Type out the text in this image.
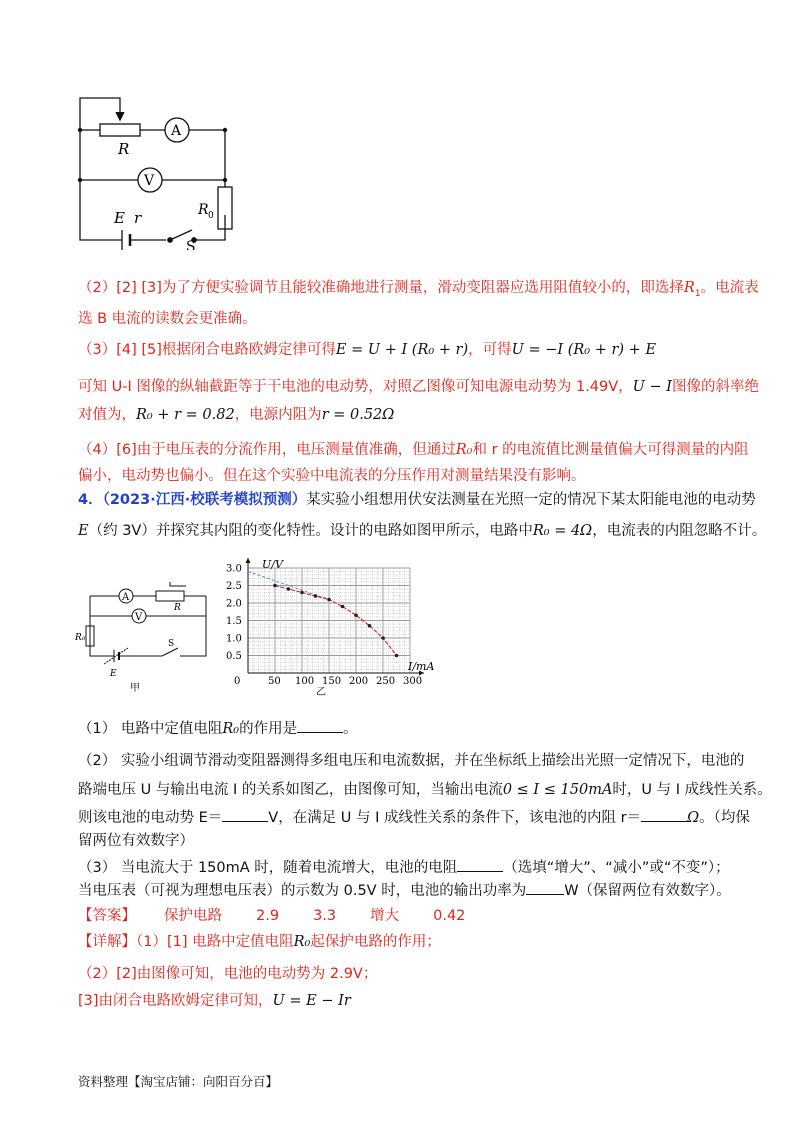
R
A
V
R 0
E r
S
（2）[2] [3]为了方便实验调节且能较准确地进行测量，滑动变阻器应选用阻值较小的，即选择$R_1$。电流表
选 B 电流的读数会更准确。
（3）[4] [5]根据闭合电路欧姆定律可得E = U + I (R₀ + r)，可得U = −I (R₀ + r) + E
可知 U-I 图像的纵轴截距等于干电池的电动势，对照乙图像可知电源电动势为 1.49V，U − I图像的斜率绝
对值为，R₀ + r = 0.82，电源内阻为r = 0.52Ω
（4）[6]由于电压表的分流作用，电压测量值准确，但通过R₀和 r 的电流值比测量值偏大可得测量的内阻
偏小，电动势也偏小。但在这个实验中电流表的分压作用对测量结果没有影响。
4．（2023·江西·校联考模拟预测）某实验小组想用伏安法测量在光照一定的情况下某太阳能电池的电动势
E（约 3V）并探究其内阻的变化特性。设计的电路如图甲所示，电路中R₀ = 4Ω，电流表的内阻忽略不计。
A
V
R
R₀
E
S
甲
0	50 100 150 200 250 300
0.5
1.0
1.5
2.0
2.5
3.0 U/V
I/mA
乙
（1） 电路中定值电阻R₀的作用是	。
（2） 实验小组调节滑动变阻器测得多组电压和电流数据，并在坐标纸上描绘出光照一定情况下，电池的
路端电压 U 与输出电流 I 的关系如图乙，由图像可知，当输出电流0 ≤ I ≤ 150mA时，U 与 I 成线性关系。
则该电池的电动势 E＝	V，在满足 U 与 I 成线性关系的条件下，该电池的内阻 r＝	Ω。（均保
留两位有效数字）
（3） 当电流大于 150mA 时，随着电流增大，电池的电阻	（选填“增大”、“减小”或“不变”）；
当电压表（可视为理想电压表）的示数为 0.5V 时，电池的输出功率为	W（保留两位有效数字）。
【答案】 保护电路 2.9 3.3 增大 0.42
【详解】（1）[1] 电路中定值电阻R₀起保护电路的作用；
（2）[2]由图像可知，电池的电动势为 2.9V；
[3]由闭合电路欧姆定律可知，U = E − Ir
资料整理【淘宝店铺：向阳百分百】
